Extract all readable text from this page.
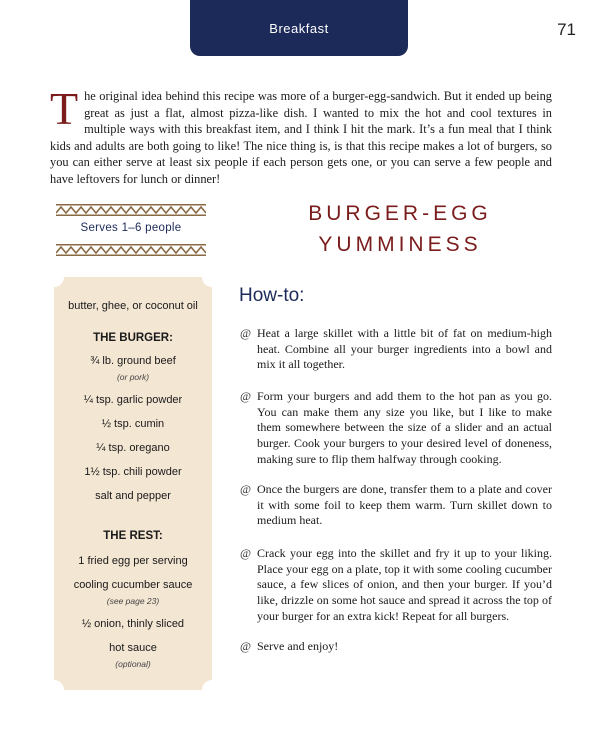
Breakfast	71
T he original idea behind this recipe was more of a burger-egg-sandwich. But it ended up being great as just a flat, almost pizza-like dish. I wanted to mix the hot and cool textures in multiple ways with this breakfast item, and I think I hit the mark. It’s a fun meal that I think kids and adults are both going to like! The nice thing is, is that this recipe makes a lot of burgers, so you can either serve at least six people if each person gets one, or you can serve a few people and have leftovers for lunch or dinner!
Serves 1–6 people
BURGER-EGG
YUMMINESS
butter, ghee, or coconut oil
THE BURGER:
¾ lb. ground beef
(or pork)
¼ tsp. garlic powder
½ tsp. cumin
¼ tsp. oregano
1½ tsp. chili powder
salt and pepper
THE REST:
1 fried egg per serving
cooling cucumber sauce
(see page 23)
½ onion, thinly sliced
hot sauce
(optional)
How-to:
@ Heat a large skillet with a little bit of fat on medium-high heat. Combine all your burger ingredients into a bowl and mix it all together.
@ Form your burgers and add them to the hot pan as you go. You can make them any size you like, but I like to make them somewhere between the size of a slider and an actual burger. Cook your burgers to your desired level of doneness, making sure to flip them halfway through cooking.
@ Once the burgers are done, transfer them to a plate and cover it with some foil to keep them warm. Turn skillet down to medium heat.
@ Crack your egg into the skillet and fry it up to your liking. Place your egg on a plate, top it with some cooling cucumber sauce, a few slices of onion, and then your burger. If you’d like, drizzle on some hot sauce and spread it across the top of your burger for an extra kick! Repeat for all burgers.
@ Serve and enjoy!
